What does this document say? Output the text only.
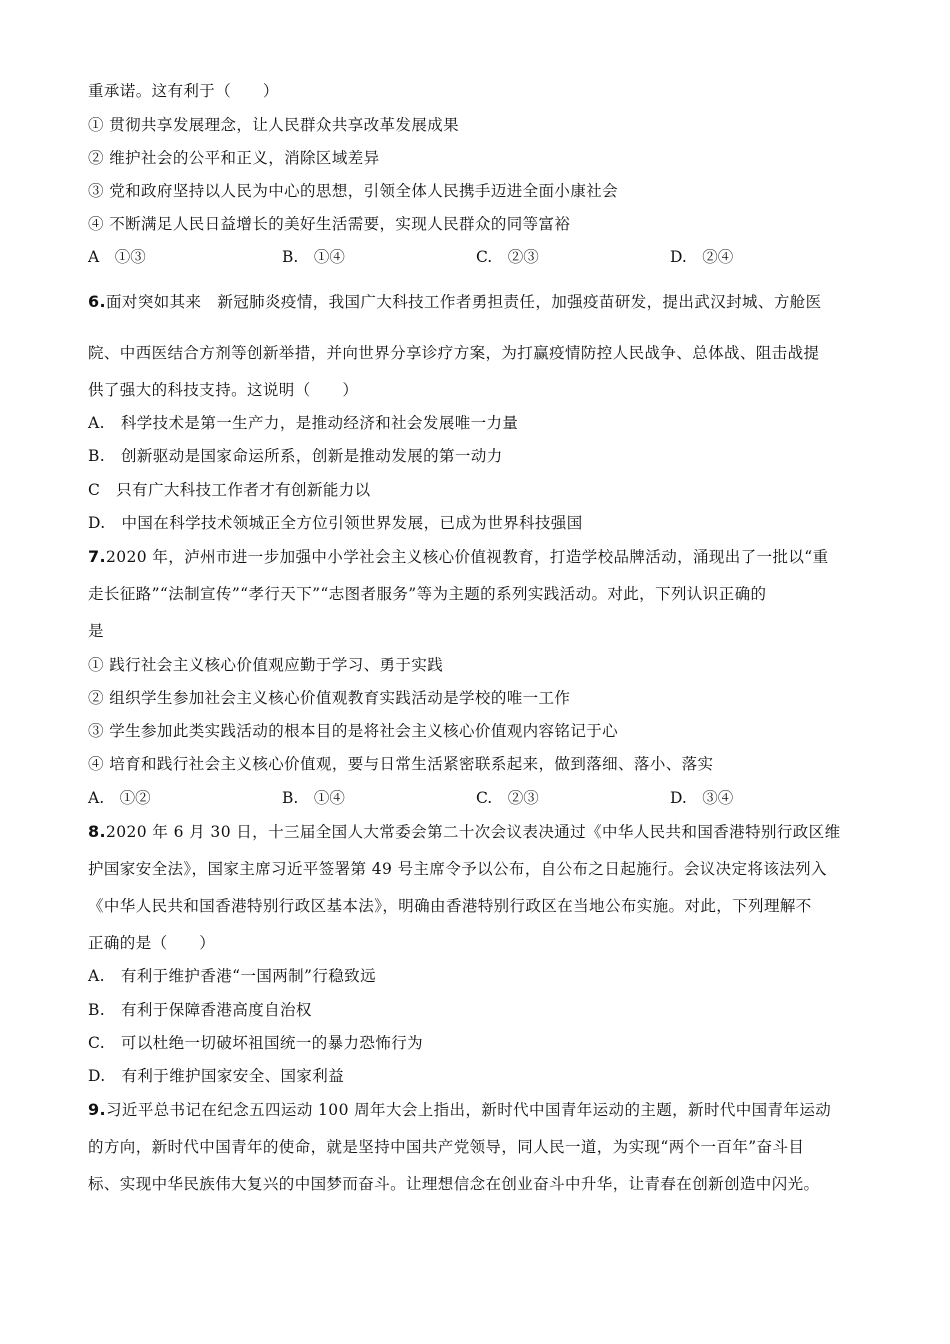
重承诺。这有利于（　　）
① 贯彻共享发展理念，让人民群众共享改革发展成果
② 维护社会的公平和正义，消除区域差异
③ 党和政府坚持以人民为中心的思想，引领全体人民携手迈进全面小康社会
④ 不断满足人民日益增长的美好生活需要，实现人民群众的同等富裕
A　①③	B.　①④	C.　②③	D.　②④
6.面对突如其来　新冠肺炎疫情，我国广大科技工作者勇担责任，加强疫苗研发，提出武汉封城、方舱医
院、中西医结合方剂等创新举措，并向世界分享诊疗方案，为打赢疫情防控人民战争、总体战、阻击战提
供了强大的科技支持。这说明（　　）
A.　科学技术是第一生产力，是推动经济和社会发展唯一力量
B.　创新驱动是国家命运所系，创新是推动发展的第一动力
C　只有广大科技工作者才有创新能力以
D.　中国在科学技术领城正全方位引领世界发展，已成为世界科技强国
7.2020 年，泸州市进一步加强中小学社会主义核心价值视教育，打造学校品牌活动，涌现出了一批以“重
走长征路”“法制宣传”“孝行天下”“志图者服务”等为主题的系列实践活动。对此，下列认识正确的
是
① 践行社会主义核心价值观应勤于学习、勇于实践
② 组织学生参加社会主义核心价值观教育实践活动是学校的唯一工作
③ 学生参加此类实践活动的根本目的是将社会主义核心价值观内容铭记于心
④ 培育和践行社会主义核心价值观，要与日常生活紧密联系起来，做到落细、落小、落实
A.　①②	B.　①④	C.　②③	D.　③④
8.2020 年 6 月 30 日，十三届全国人大常委会第二十次会议表决通过《中华人民共和国香港特别行政区维
护国家安全法》，国家主席习近平签署第 49 号主席令予以公布，自公布之日起施行。会议决定将该法列入
《中华人民共和国香港特别行政区基本法》，明确由香港特别行政区在当地公布实施。对此，下列理解不
正确的是（　　）
A.　有利于维护香港“一国两制”行稳致远
B.　有利于保障香港高度自治权
C.　可以杜绝一切破坏祖国统一的暴力恐怖行为
D.　有利于维护国家安全、国家利益
9.习近平总书记在纪念五四运动 100 周年大会上指出，新时代中国青年运动的主题，新时代中国青年运动
的方向，新时代中国青年的使命，就是坚持中国共产党领导，同人民一道，为实现“两个一百年”奋斗目
标、实现中华民族伟大复兴的中国梦而奋斗。让理想信念在创业奋斗中升华，让青春在创新创造中闪光。
